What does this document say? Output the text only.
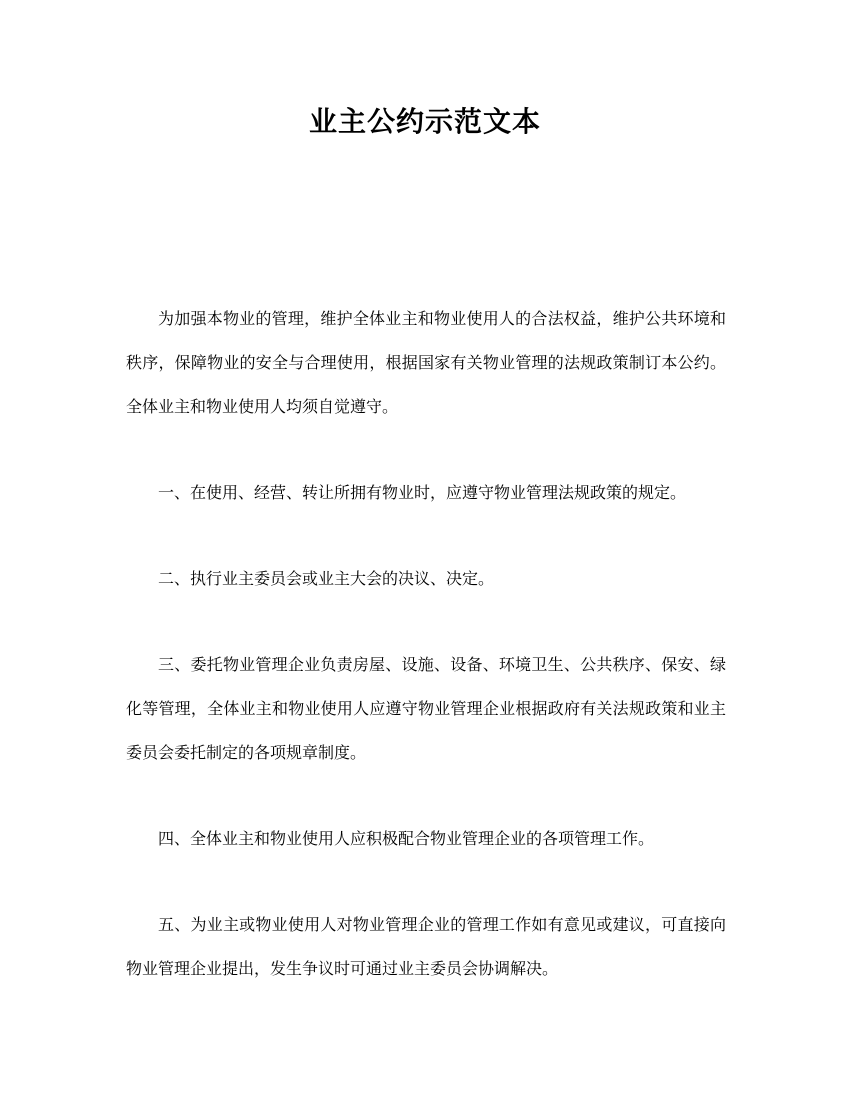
业主公约示范文本

为加强本物业的管理，维护全体业主和物业使用人的合法权益，维护公共环境和秩序，保障物业的安全与合理使用，根据国家有关物业管理的法规政策制订本公约。全体业主和物业使用人均须自觉遵守。

一、在使用、经营、转让所拥有物业时，应遵守物业管理法规政策的规定。

二、执行业主委员会或业主大会的决议、决定。

三、委托物业管理企业负责房屋、设施、设备、环境卫生、公共秩序、保安、绿化等管理，全体业主和物业使用人应遵守物业管理企业根据政府有关法规政策和业主委员会委托制定的各项规章制度。

四、全体业主和物业使用人应积极配合物业管理企业的各项管理工作。

五、为业主或物业使用人对物业管理企业的管理工作如有意见或建议，可直接向物业管理企业提出，发生争议时可通过业主委员会协调解决。
